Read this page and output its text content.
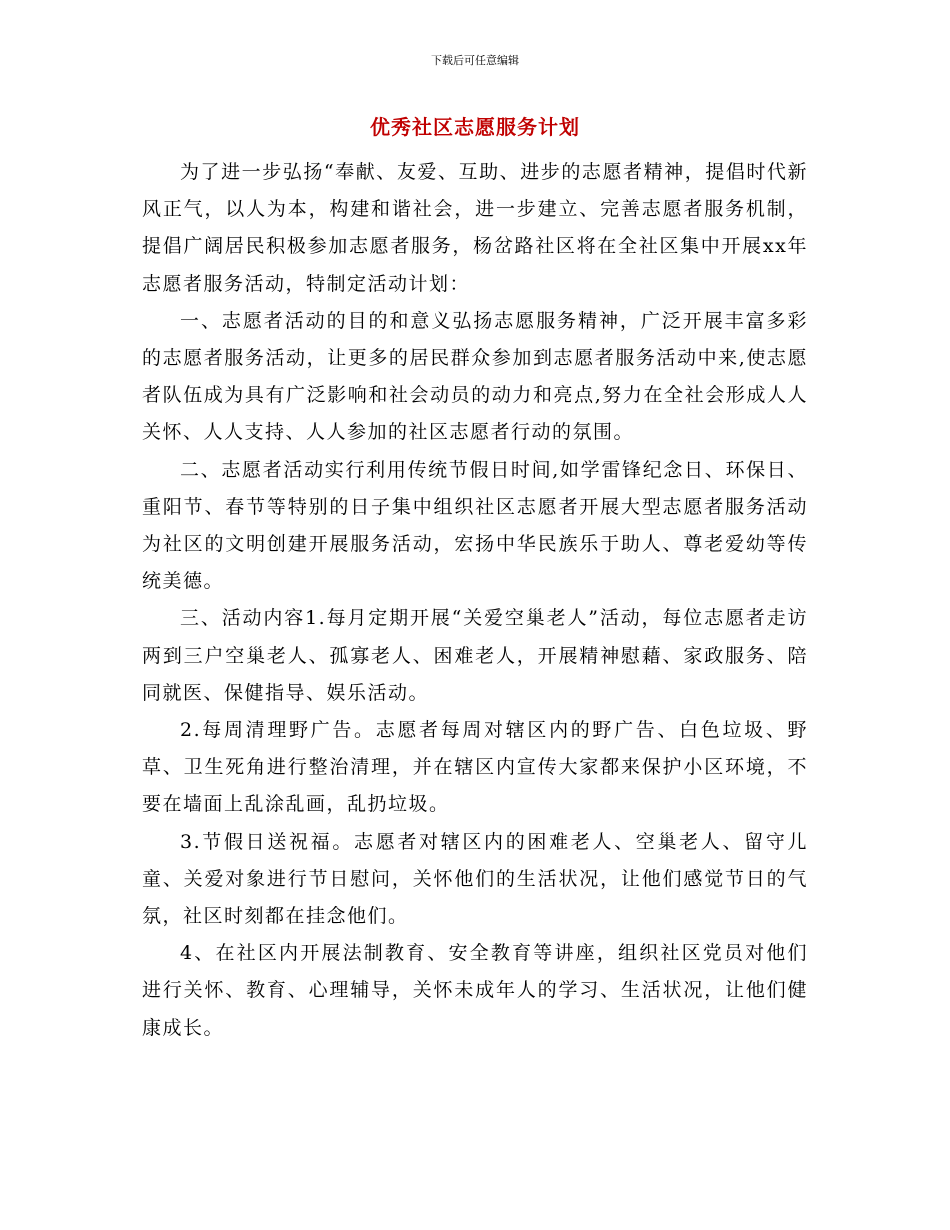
下载后可任意编辑
优秀社区志愿服务计划

为了进一步弘扬“奉献、友爱、互助、进步的志愿者精神，提倡时代新风正气，以人为本，构建和谐社会，进一步建立、完善志愿者服务机制，提倡广阔居民积极参加志愿者服务，杨岔路社区将在全社区集中开展xx年志愿者服务活动，特制定活动计划：

一、志愿者活动的目的和意义弘扬志愿服务精神，广泛开展丰富多彩的志愿者服务活动，让更多的居民群众参加到志愿者服务活动中来,使志愿者队伍成为具有广泛影响和社会动员的动力和亮点,努力在全社会形成人人关怀、人人支持、人人参加的社区志愿者行动的氛围。

二、志愿者活动实行利用传统节假日时间,如学雷锋纪念日、环保日、重阳节、春节等特别的日子集中组织社区志愿者开展大型志愿者服务活动为社区的文明创建开展服务活动，宏扬中华民族乐于助人、尊老爱幼等传统美德。

三、活动内容1.每月定期开展“关爱空巢老人”活动，每位志愿者走访两到三户空巢老人、孤寡老人、困难老人，开展精神慰藉、家政服务、陪同就医、保健指导、娱乐活动。

2.每周清理野广告。志愿者每周对辖区内的野广告、白色垃圾、野草、卫生死角进行整治清理，并在辖区内宣传大家都来保护小区环境，不要在墙面上乱涂乱画，乱扔垃圾。

3.节假日送祝福。志愿者对辖区内的困难老人、空巢老人、留守儿童、关爱对象进行节日慰问，关怀他们的生活状况，让他们感觉节日的气氛，社区时刻都在挂念他们。

4、在社区内开展法制教育、安全教育等讲座，组织社区党员对他们进行关怀、教育、心理辅导，关怀未成年人的学习、生活状况，让他们健康成长。
